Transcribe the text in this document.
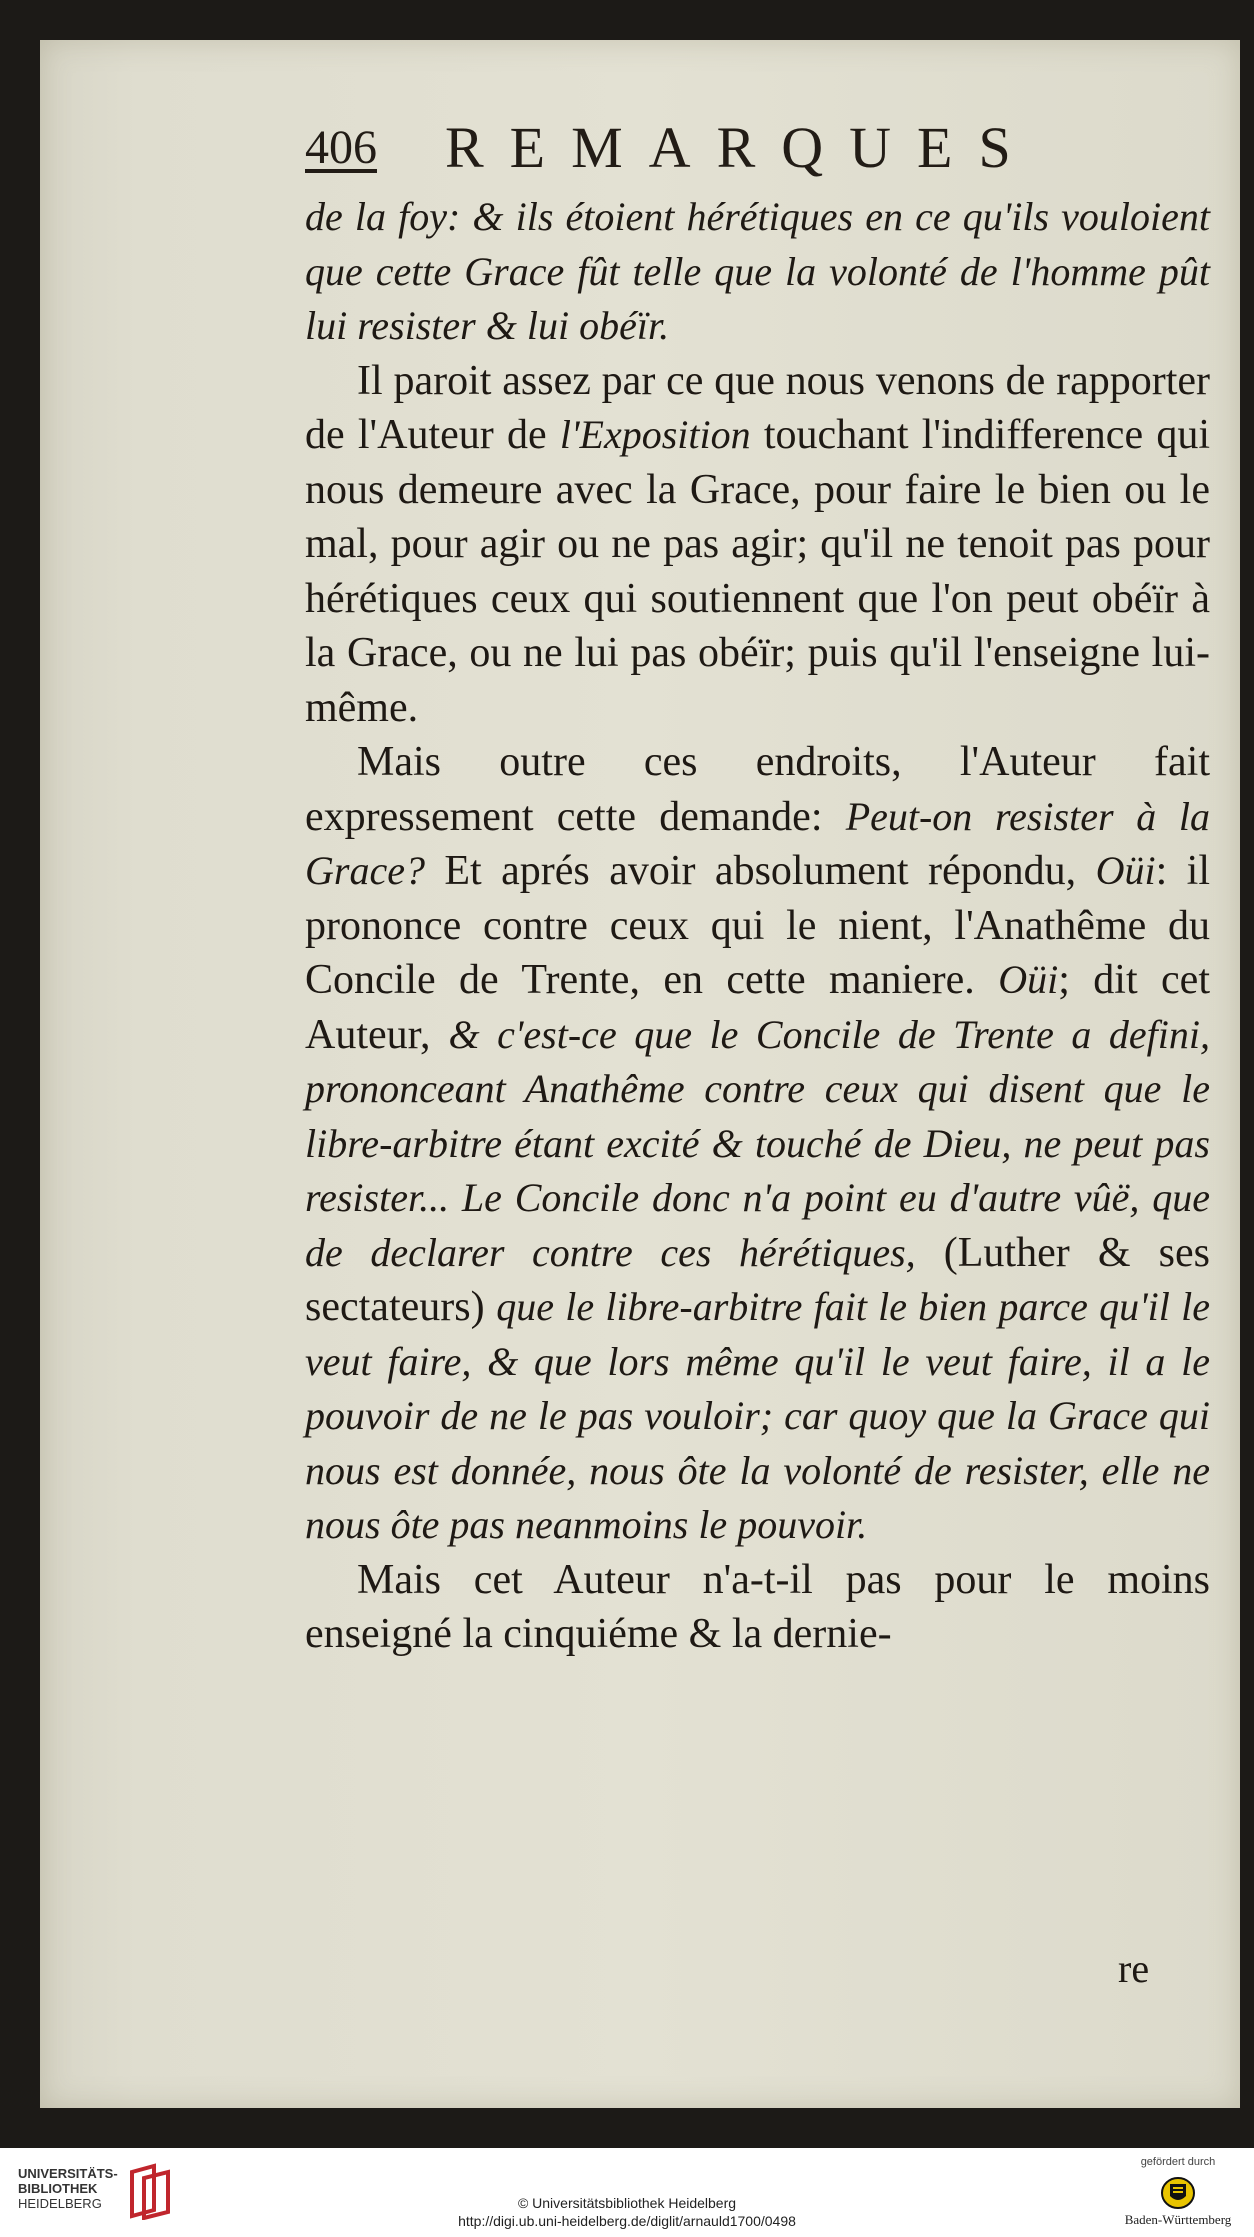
406 REMARQUES

de la foy: & ils étoient hérétiques en ce qu'ils vouloient que cette Grace fût telle que la volonté de l'homme pût lui resister & lui obéïr.

Il paroit assez par ce que nous venons de rapporter de l'Auteur de l'Exposition touchant l'indifference qui nous demeure avec la Grace, pour faire le bien ou le mal, pour agir ou ne pas agir; qu'il ne tenoit pas pour hérétiques ceux qui soutiennent que l'on peut obéïr à la Grace, ou ne lui pas obéïr; puis qu'il l'enseigne lui-même.

Mais outre ces endroits, l'Auteur fait expressement cette demande: Peut-on resister à la Grace? Et aprés avoir absolument répondu, Oüi: il prononce contre ceux qui le nient, l'Anathême du Concile de Trente, en cette maniere. Oüi; dit cet Auteur, & c'est-ce que le Concile de Trente a defini, prononceant Anathême contre ceux qui disent que le libre-arbitre étant excité & touché de Dieu, ne peut pas resister... Le Concile donc n'a point eu d'autre vûë, que de declarer contre ces hérétiques, (Luther & ses sectateurs) que le libre-arbitre fait le bien parce qu'il le veut faire, & que lors même qu'il le veut faire, il a le pouvoir de ne le pas vouloir; car quoy que la Grace qui nous est donnée, nous ôte la volonté de resister, elle ne nous ôte pas neanmoins le pouvoir.

Mais cet Auteur n'a-t-il pas pour le moins enseigné la cinquiéme & la dernie-

re
UNIVERSITÄTS-
BIBLIOTHEK
HEIDELBERG	© Universitätsbibliothek Heidelberg
http://digi.ub.uni-heidelberg.de/diglit/arnauld1700/0498
gefördert durch
Baden-Württemberg
